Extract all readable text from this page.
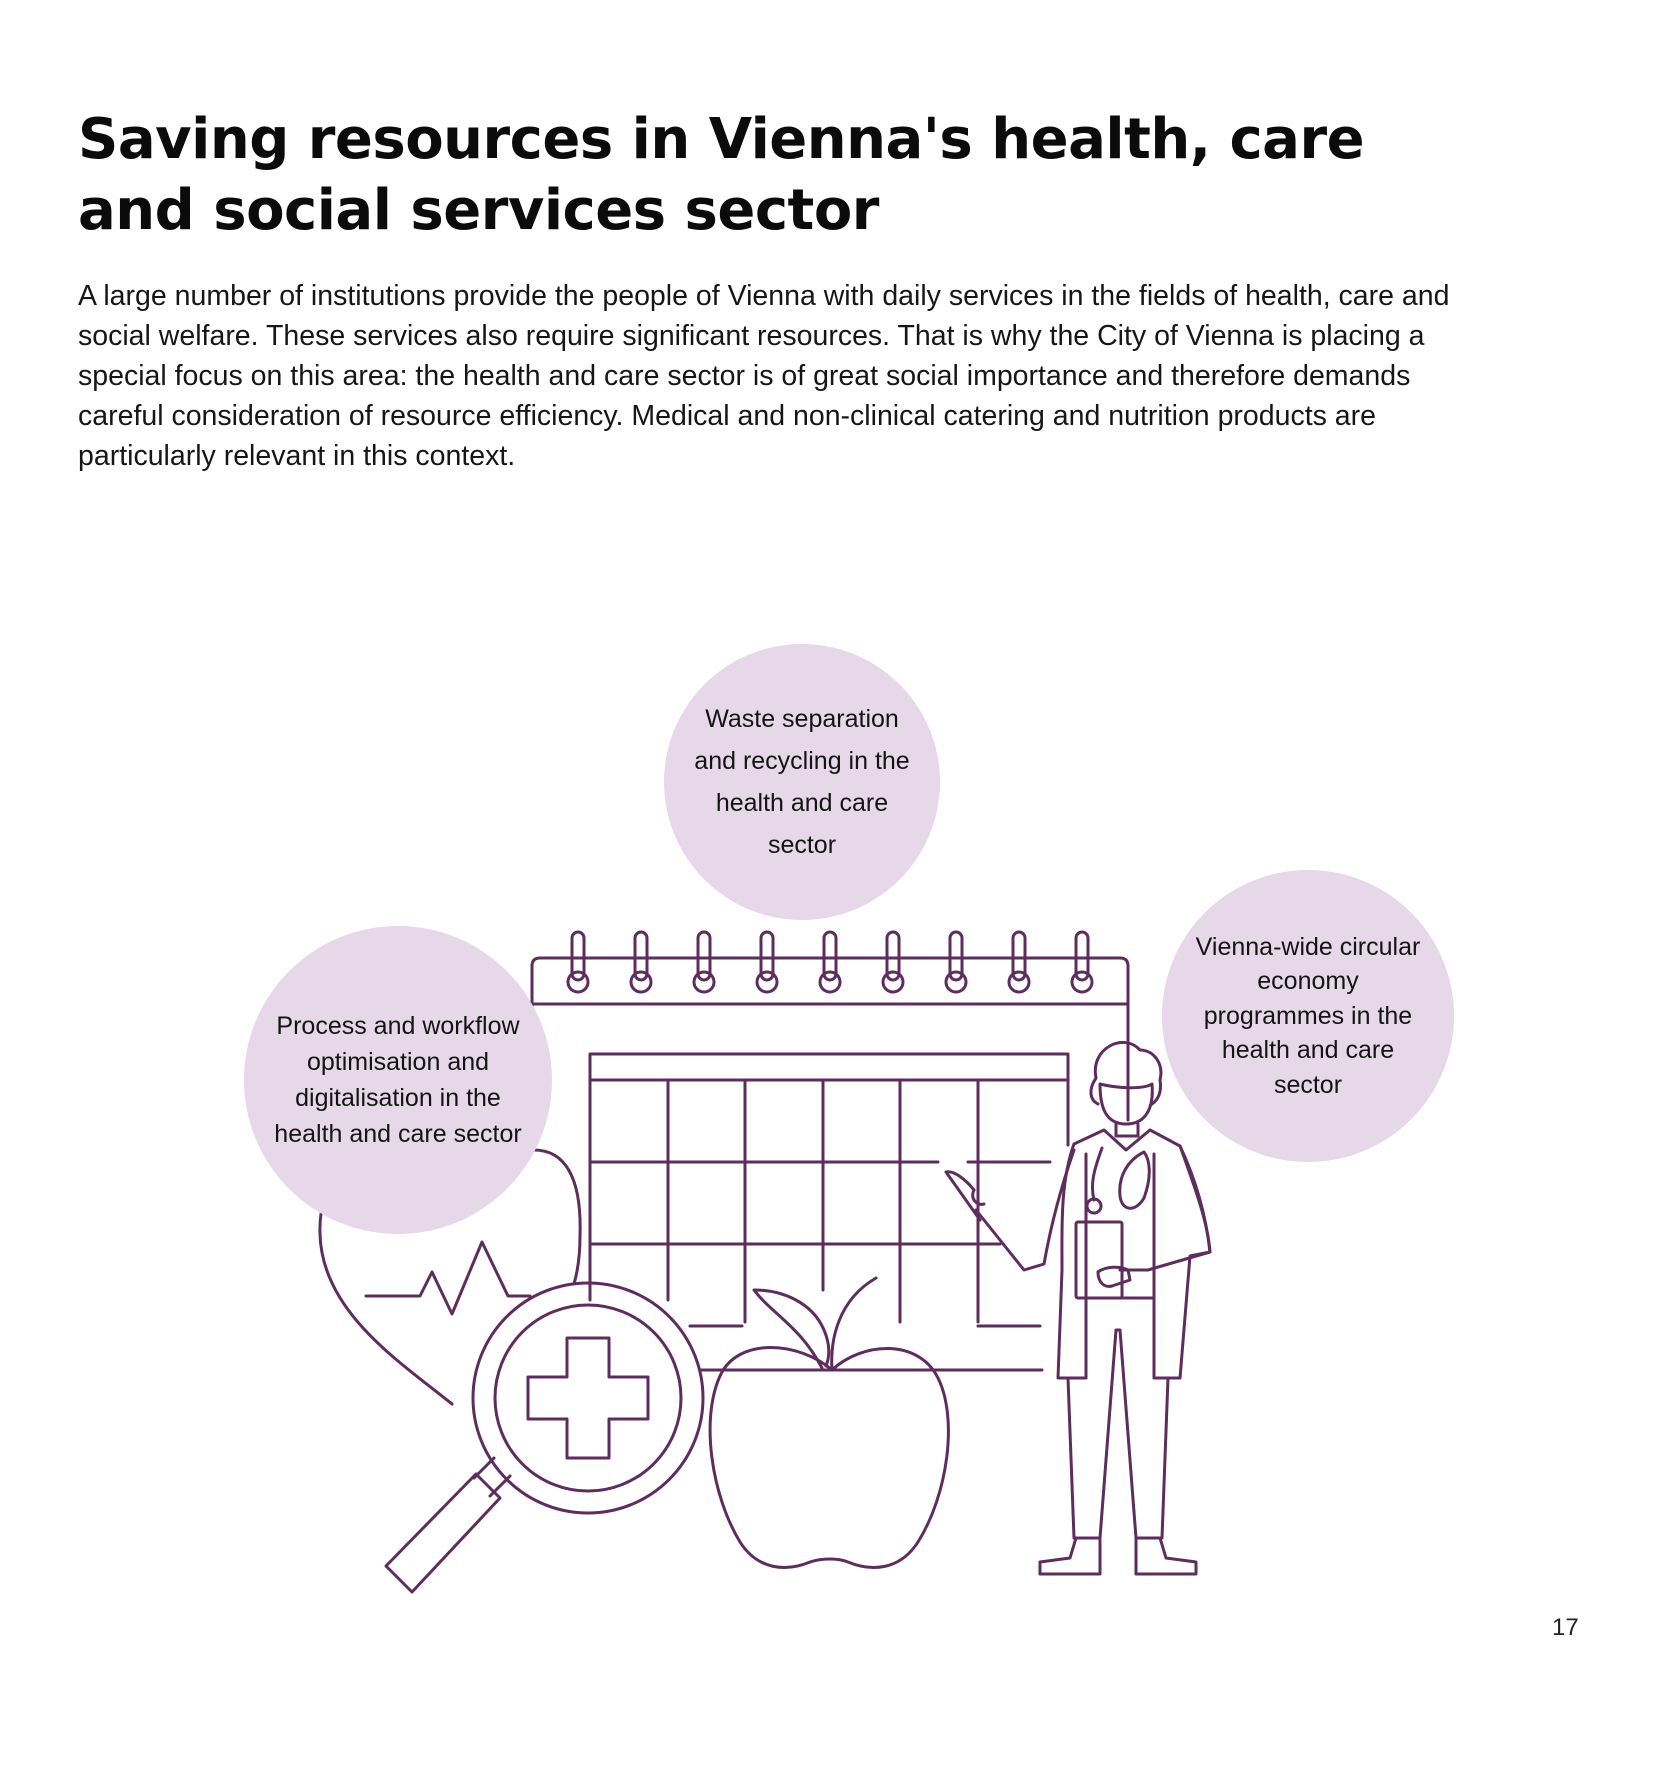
Saving resources in Vienna's health, care and social services sector

A large number of institutions provide the people of Vienna with daily services in the fields of health, care and social welfare. These services also require significant resources. That is why the City of Vienna is placing a special focus on this area: the health and care sector is of great social importance and therefore demands careful consideration of resource efficiency. Medical and non-clinical catering and nutrition products are particularly relevant in this context.

Waste separation and recycling in the health and care sector
Process and workflow optimisation and digitalisation in the health and care sector
Vienna-wide circular economy programmes in the health and care sector
17
